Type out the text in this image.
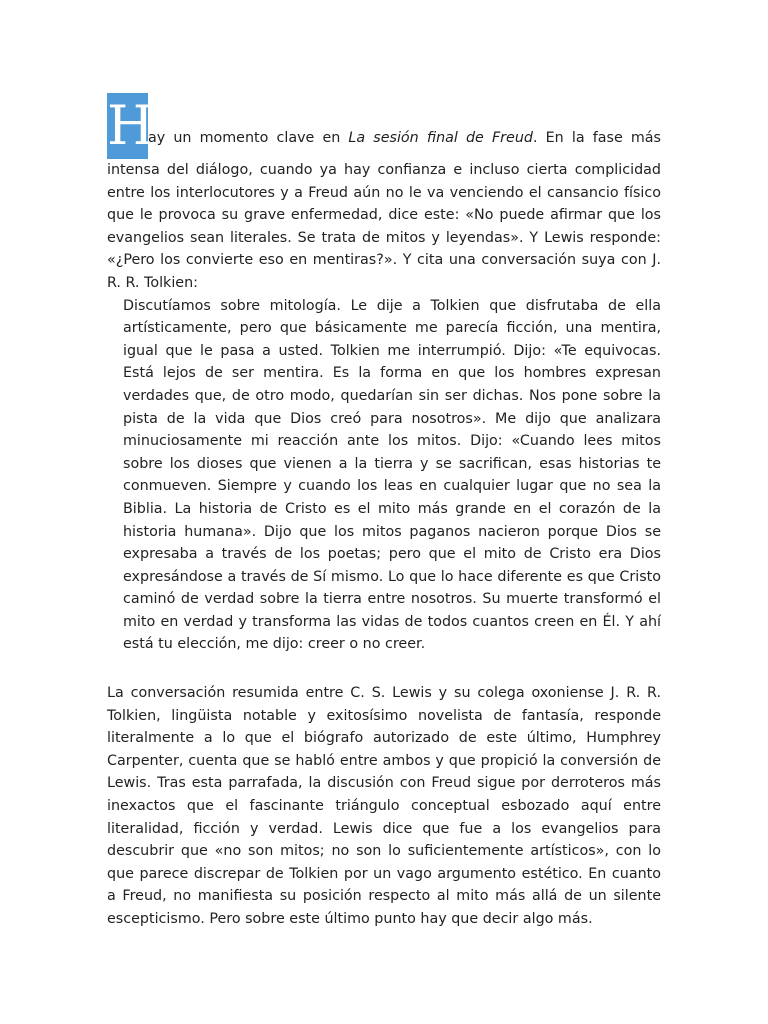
H
ay un momento clave en La sesión final de Freud. En la fase más

intensa del diálogo, cuando ya hay confianza e incluso cierta complicidad entre los interlocutores y a Freud aún no le va venciendo el cansancio físico que le provoca su grave enfermedad, dice este: «No puede afirmar que los evangelios sean literales. Se trata de mitos y leyendas». Y Lewis responde: «¿Pero los convierte eso en mentiras?». Y cita una conversación suya con J. R. R. Tolkien:

Discutíamos sobre mitología. Le dije a Tolkien que disfrutaba de ella artísticamente, pero que básicamente me parecía ficción, una mentira, igual que le pasa a usted. Tolkien me interrumpió. Dijo: «Te equivocas. Está lejos de ser mentira. Es la forma en que los hombres expresan verdades que, de otro modo, quedarían sin ser dichas. Nos pone sobre la pista de la vida que Dios creó para nosotros». Me dijo que analizara minuciosamente mi reacción ante los mitos. Dijo: «Cuando lees mitos sobre los dioses que vienen a la tierra y se sacrifican, esas historias te conmueven. Siempre y cuando los leas en cualquier lugar que no sea la Biblia. La historia de Cristo es el mito más grande en el corazón de la historia humana». Dijo que los mitos paganos nacieron porque Dios se expresaba a través de los poetas; pero que el mito de Cristo era Dios expresándose a través de Sí mismo. Lo que lo hace diferente es que Cristo caminó de verdad sobre la tierra entre nosotros. Su muerte transformó el mito en verdad y transforma las vidas de todos cuantos creen en Él. Y ahí está tu elección, me dijo: creer o no creer.

La conversación resumida entre C. S. Lewis y su colega oxoniense J. R. R. Tolkien, lingüista notable y exitosísimo novelista de fantasía, responde literalmente a lo que el biógrafo autorizado de este último, Humphrey Carpenter, cuenta que se habló entre ambos y que propició la conversión de Lewis. Tras esta parrafada, la discusión con Freud sigue por derroteros más inexactos que el fascinante triángulo conceptual esbozado aquí entre literalidad, ficción y verdad. Lewis dice que fue a los evangelios para descubrir que «no son mitos; no son lo suficientemente artísticos», con lo que parece discrepar de Tolkien por un vago argumento estético. En cuanto a Freud, no manifiesta su posición respecto al mito más allá de un silente escepticismo. Pero sobre este último punto hay que decir algo más.
